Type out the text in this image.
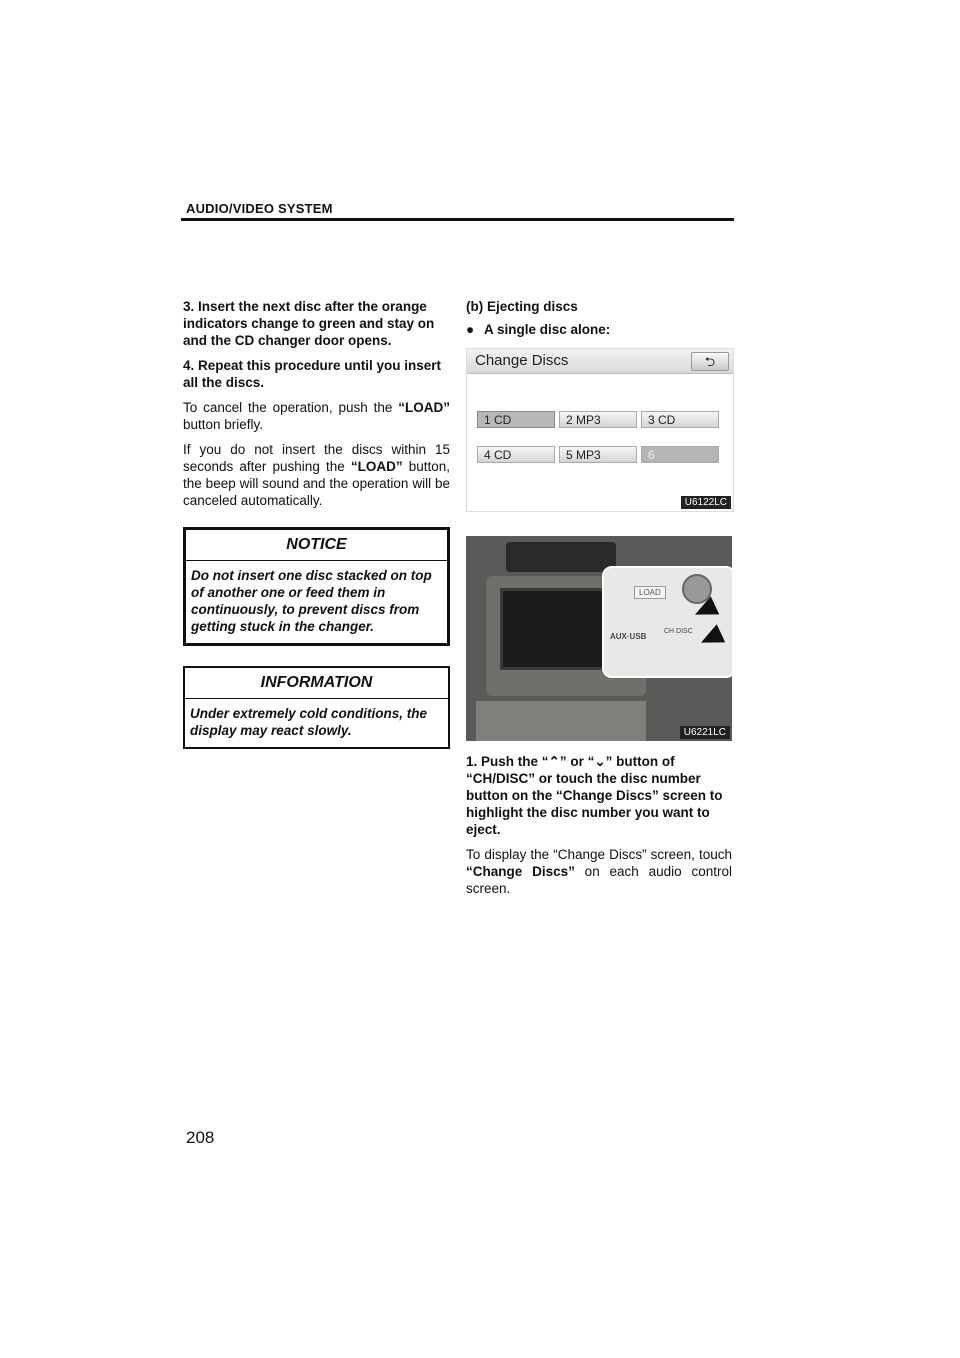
AUDIO/VIDEO SYSTEM

3. Insert the next disc after the orange indicators change to green and stay on and the CD changer door opens.

4. Repeat this procedure until you insert all the discs.

To cancel the operation, push the “LOAD” button briefly.

If you do not insert the discs within 15 seconds after pushing the “LOAD” button, the beep will sound and the operation will be canceled automatically.

NOTICE
Do not insert one disc stacked on top of another one or feed them in continuously, to prevent discs from getting stuck in the changer.
INFORMATION
Under extremely cold conditions, the display may react slowly.

(b) Ejecting discs

● A single disc alone:

Change Discs	⮌
1 CD	2 MP3	3 CD
4 CD	5 MP3	6
U6122LC
LOAD
AUX·USB
CH DISC
U6221LC

1. Push the “⌃” or “⌄” button of “CH/DISC” or touch the disc number button on the “Change Discs” screen to highlight the disc number you want to eject.

To display the “Change Discs” screen, touch “Change Discs” on each audio control screen.

208
